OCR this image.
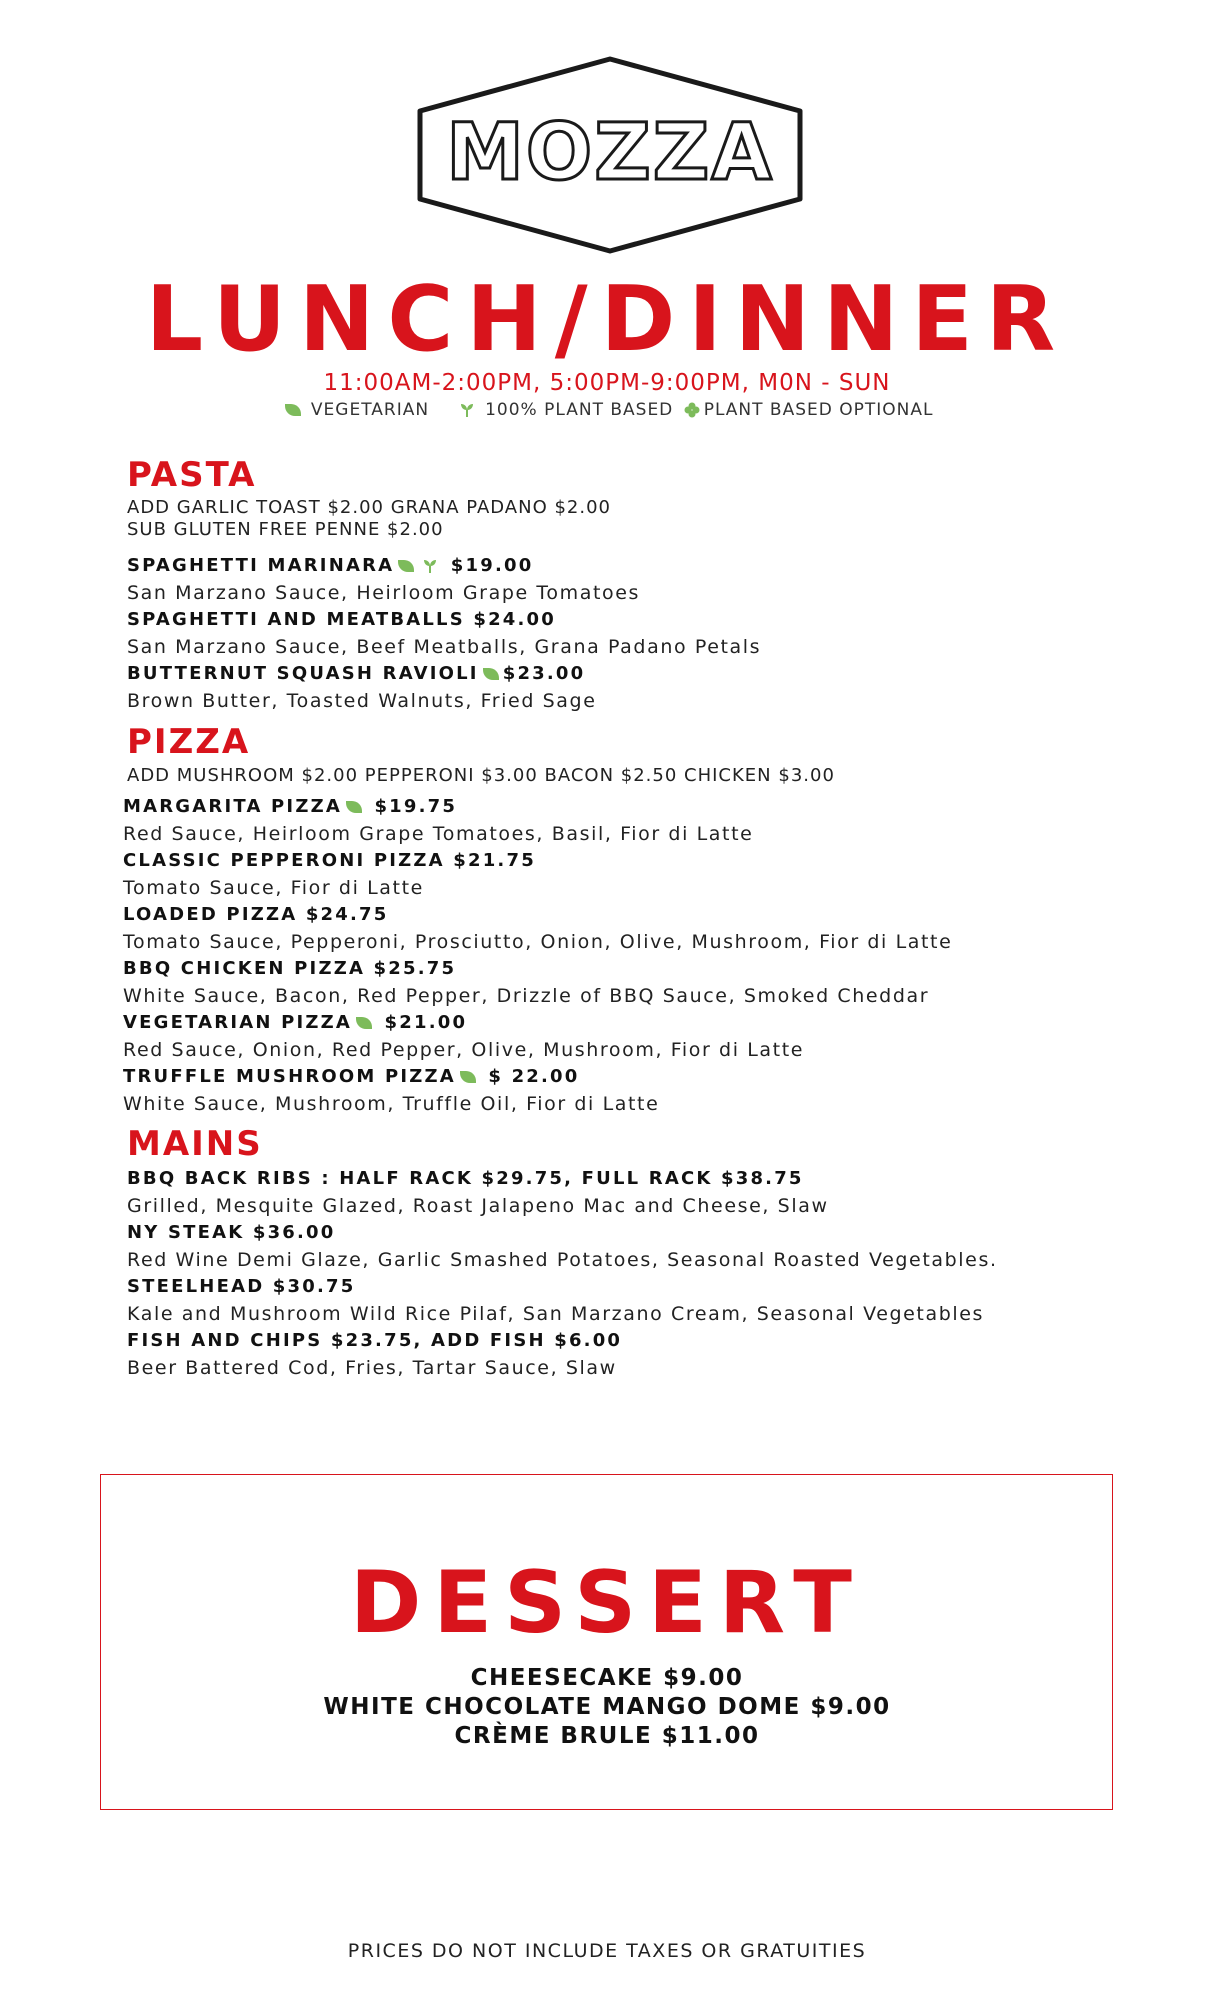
MOZZA
LUNCH/DINNER
11:00AM-2:00PM, 5:00PM-9:00PM, M0N - SUN
VEGETARIAN	100% PLANT BASED PLANT BASED OPTIONAL
PASTA
ADD GARLIC TOAST $2.00 GRANA PADANO $2.00
SUB GLUTEN FREE PENNE $2.00
SPAGHETTI MARINARA	$19.00
San Marzano Sauce, Heirloom Grape Tomatoes
SPAGHETTI AND MEATBALLS $24.00
San Marzano Sauce, Beef Meatballs, Grana Padano Petals
BUTTERNUT SQUASH RAVIOLI $23.00
Brown Butter, Toasted Walnuts, Fried Sage
PIZZA
ADD MUSHROOM $2.00 PEPPERONI $3.00 BACON $2.50 CHICKEN $3.00
MARGARITA PIZZA $19.75
Red Sauce, Heirloom Grape Tomatoes, Basil, Fior di Latte
CLASSIC PEPPERONI PIZZA $21.75
Tomato Sauce, Fior di Latte
LOADED PIZZA $24.75
Tomato Sauce, Pepperoni, Prosciutto, Onion, Olive, Mushroom, Fior di Latte
BBQ CHICKEN PIZZA $25.75
White Sauce, Bacon, Red Pepper, Drizzle of BBQ Sauce, Smoked Cheddar
VEGETARIAN PIZZA $21.00
Red Sauce, Onion, Red Pepper, Olive, Mushroom, Fior di Latte
TRUFFLE MUSHROOM PIZZA $ 22.00
White Sauce, Mushroom, Truffle Oil, Fior di Latte
MAINS
BBQ BACK RIBS : HALF RACK $29.75, FULL RACK $38.75
Grilled, Mesquite Glazed, Roast Jalapeno Mac and Cheese, Slaw
NY STEAK $36.00
Red Wine Demi Glaze, Garlic Smashed Potatoes, Seasonal Roasted Vegetables.
STEELHEAD $30.75
Kale and Mushroom Wild Rice Pilaf, San Marzano Cream, Seasonal Vegetables
FISH AND CHIPS $23.75, ADD FISH $6.00
Beer Battered Cod, Fries, Tartar Sauce, Slaw
DESSERT
CHEESECAKE $9.00
WHITE CHOCOLATE MANGO DOME $9.00
CRÈME BRULE $11.00
PRICES DO NOT INCLUDE TAXES OR GRATUITIES
